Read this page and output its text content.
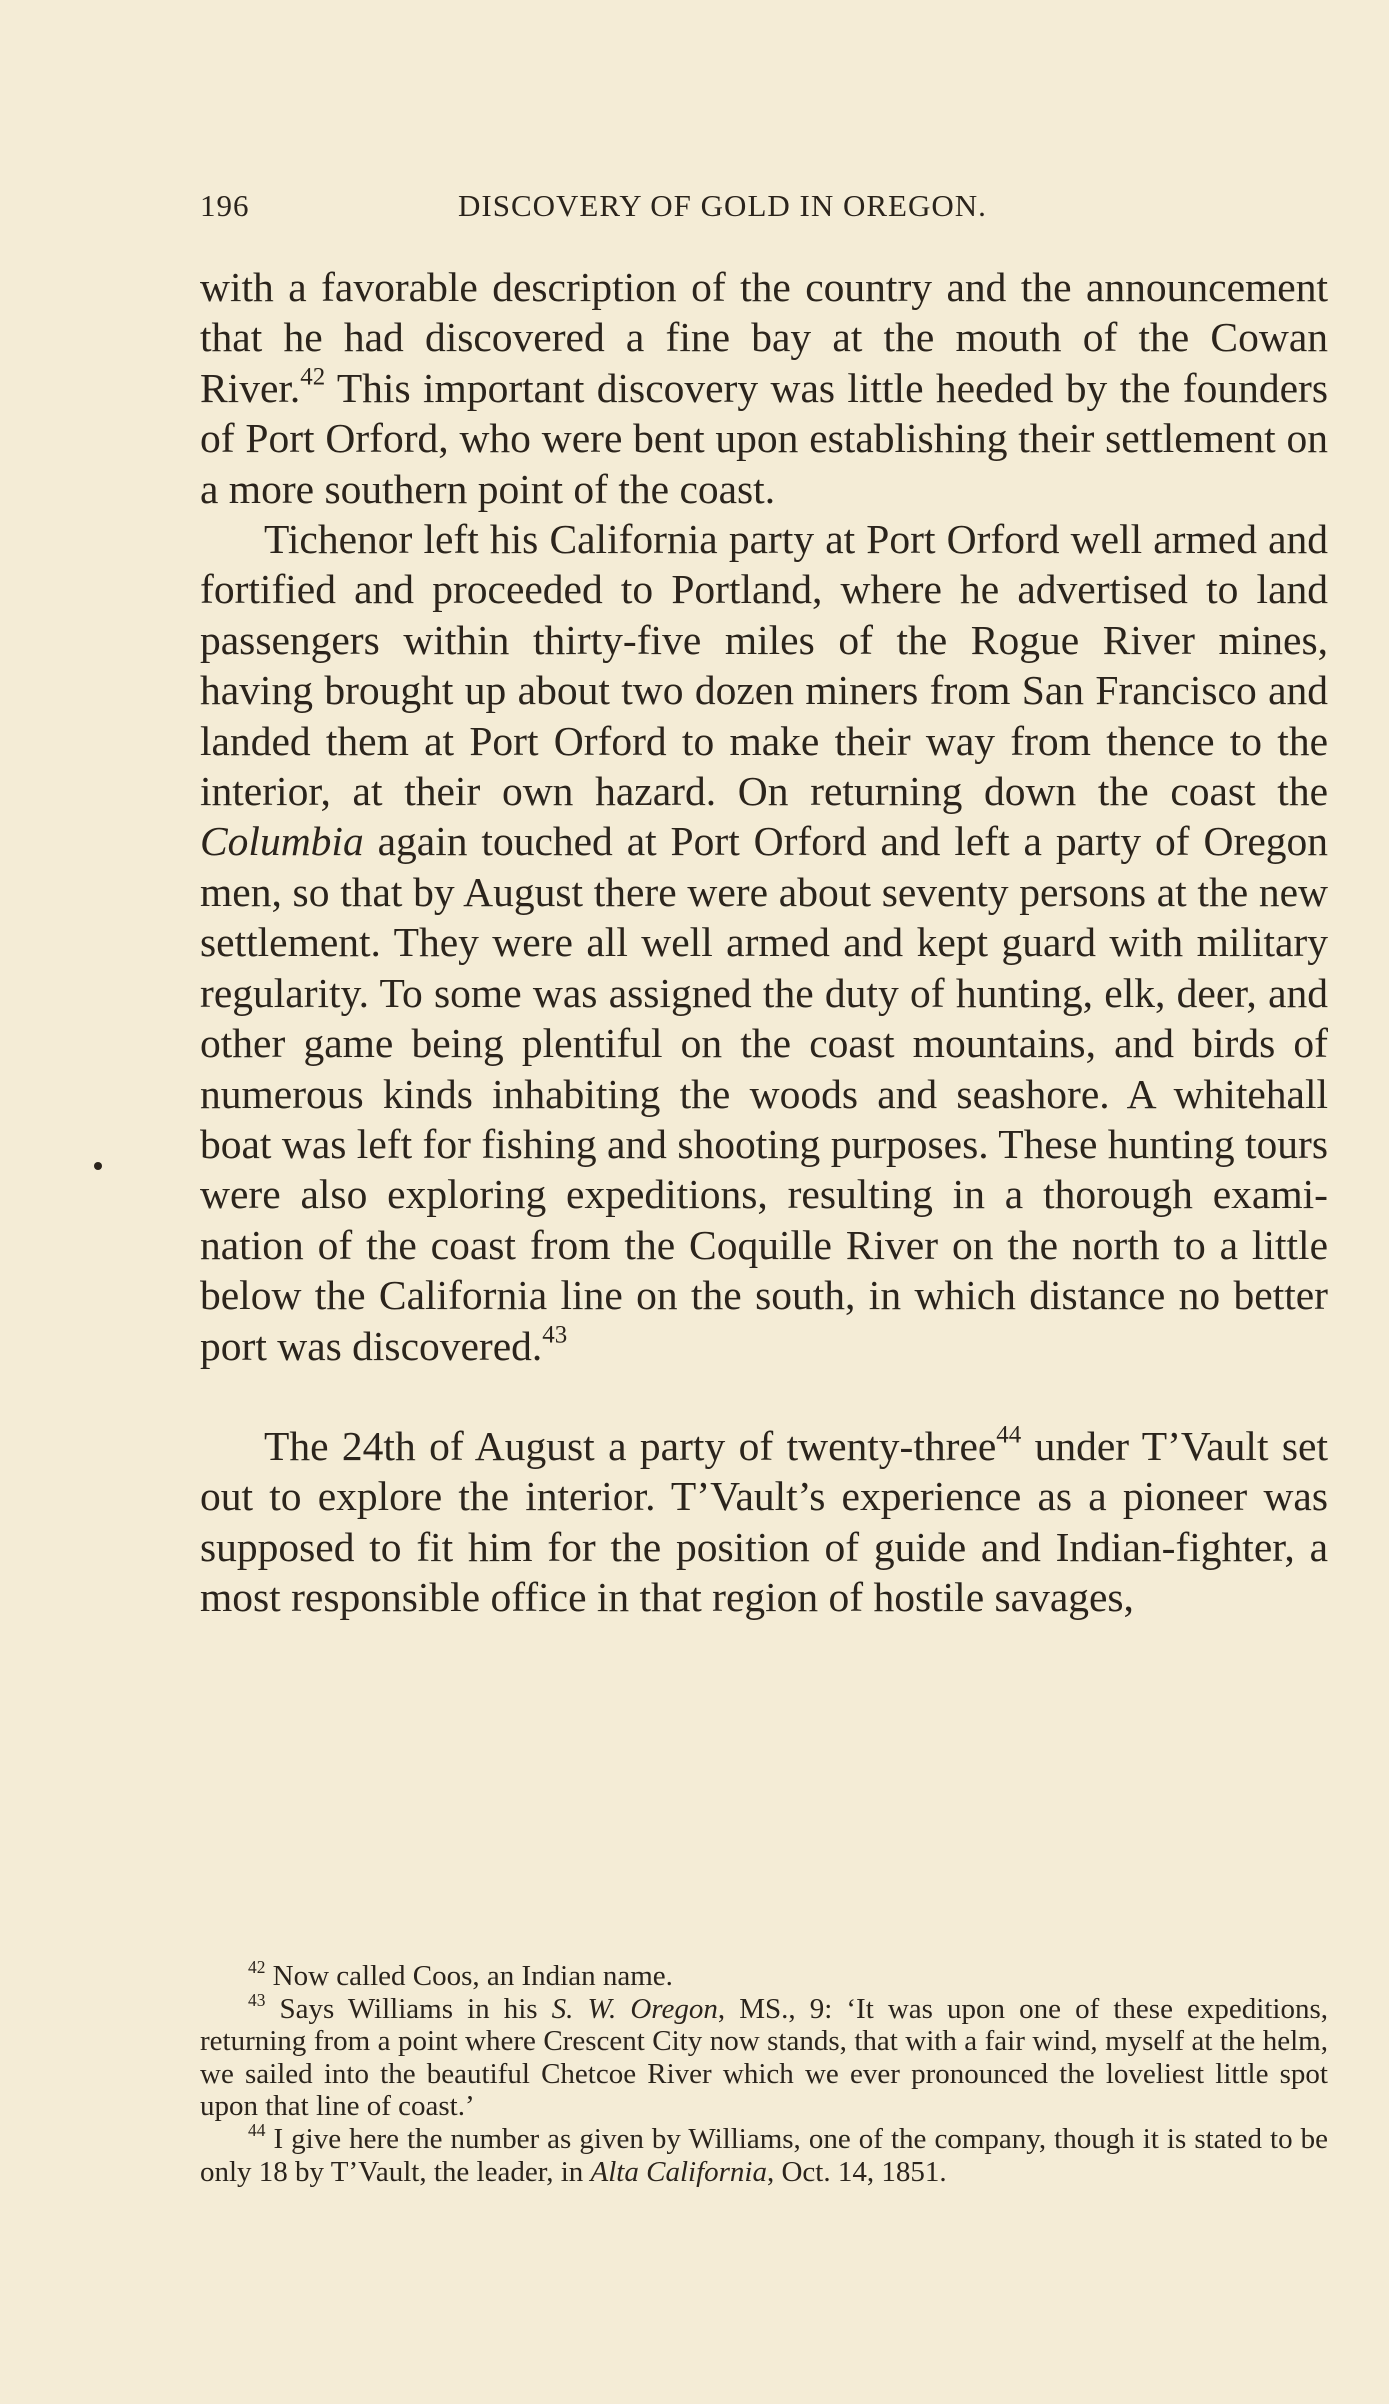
196	DISCOVERY OF GOLD IN OREGON.

with a favorable description of the country and the announcement that he had discovered a fine bay at the mouth of the Cowan River.$^{42}$ This important discovery was little heeded by the founders of Port Orford, who were bent upon establishing their settlement on a more southern point of the coast.

Tichenor left his California party at Port Orford well armed and fortified and proceeded to Portland, where he advertised to land passengers within thirty-five miles of the Rogue River mines, having brought up about two dozen miners from San Francisco and landed them at Port Orford to make their way from thence to the interior, at their own hazard. On returning down the coast the Columbia again touched at Port Orford and left a party of Oregon men, so that by August there were about seventy persons at the new settlement. They were all well armed and kept guard with military regularity. To some was assigned the duty of hunting, elk, deer, and other game being plentiful on the coast mountains, and birds of numerous kinds inhabiting the woods and seashore. A whitehall boat was left for fishing and shooting purposes. These hunting tours were also exploring expeditions, resulting in a thorough examination of the coast from the Coquille River on the north to a little below the California line on the south, in which distance no better port was discovered.$^{43}$

The 24th of August a party of twenty-three$^{44}$ under T’Vault set out to explore the interior. T’Vault’s experience as a pioneer was supposed to fit him for the position of guide and Indian-fighter, a most responsible office in that region of hostile savages,

$^{42}$ Now called Coos, an Indian name.

$^{43}$ Says Williams in his S. W. Oregon, MS., 9: ‘It was upon one of these expeditions, returning from a point where Crescent City now stands, that with a fair wind, myself at the helm, we sailed into the beautiful Chetcoe River which we ever pronounced the loveliest little spot upon that line of coast.’

$^{44}$ I give here the number as given by Williams, one of the company, though it is stated to be only 18 by T’Vault, the leader, in Alta California, Oct. 14, 1851.
